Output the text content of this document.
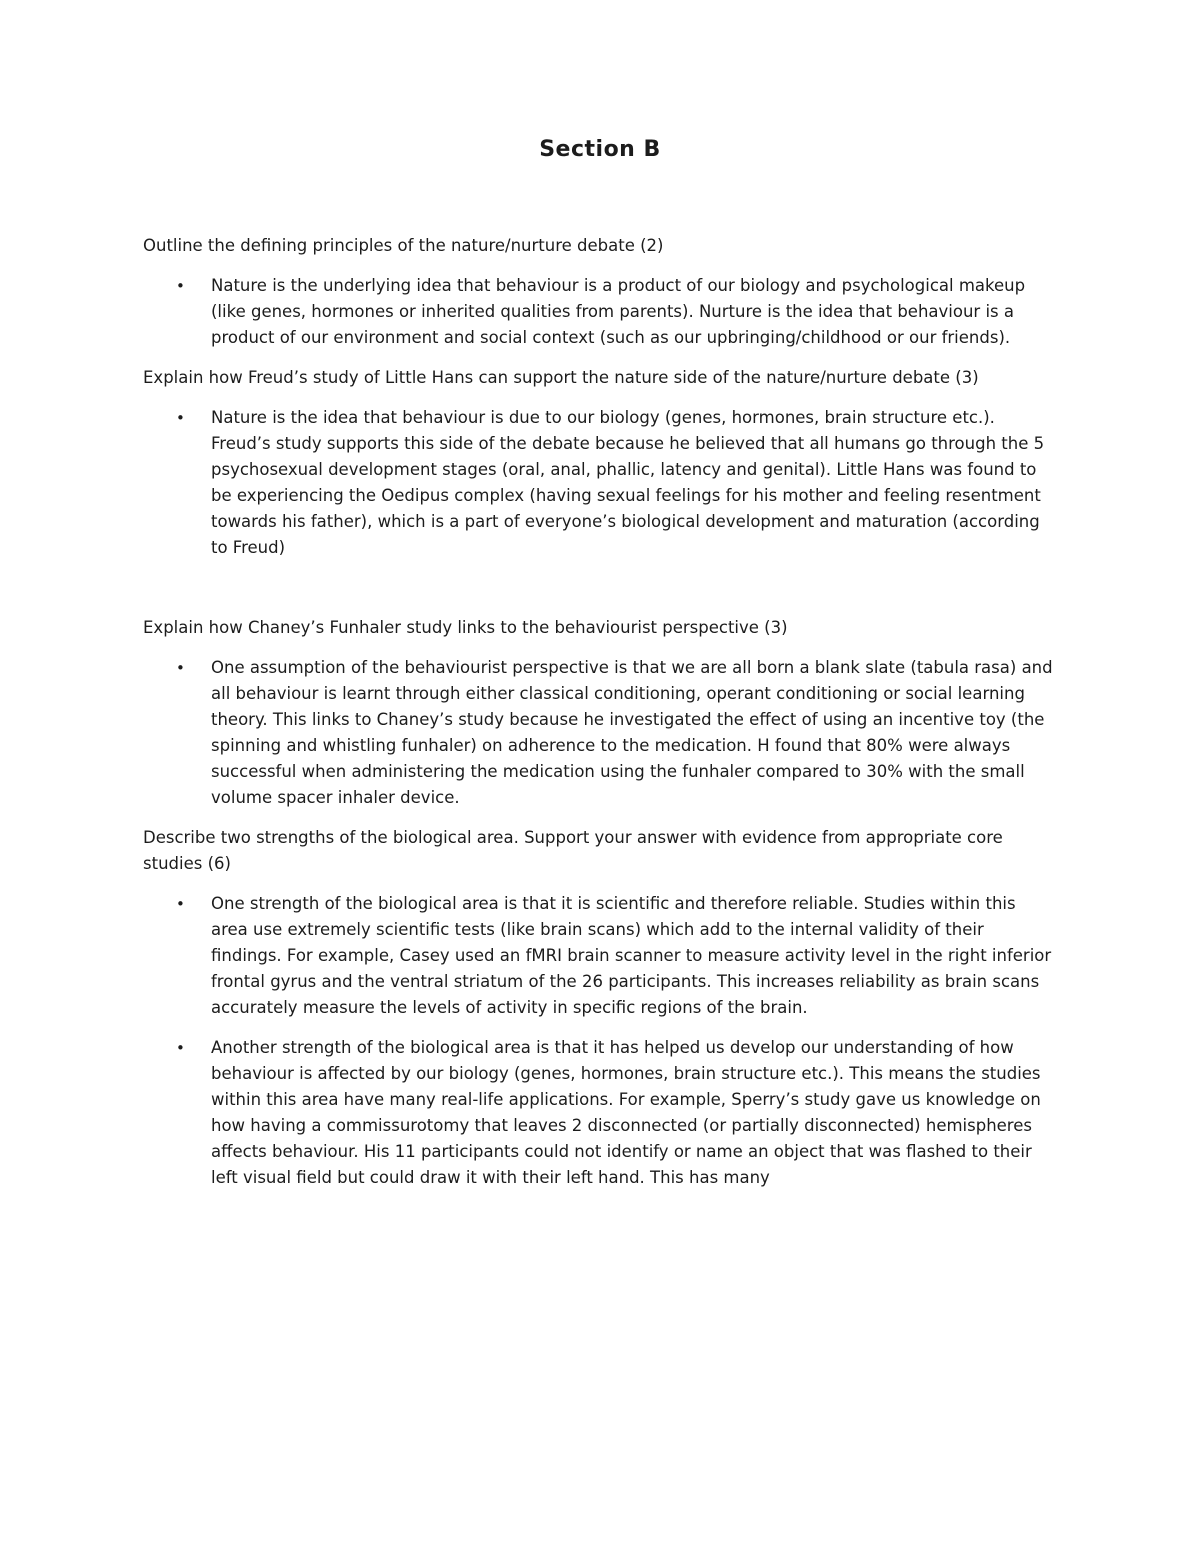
Section B

Outline the defining principles of the nature/nurture debate (2)

•	Nature is the underlying idea that behaviour is a product of our biology and psychological makeup (like genes, hormones or inherited qualities from parents). Nurture is the idea that behaviour is a product of our environment and social context (such as our upbringing/childhood or our friends).

Explain how Freud’s study of Little Hans can support the nature side of the nature/nurture debate (3)

•	Nature is the idea that behaviour is due to our biology (genes, hormones, brain structure etc.). Freud’s study supports this side of the debate because he believed that all humans go through the 5 psychosexual development stages (oral, anal, phallic, latency and genital). Little Hans was found to be experiencing the Oedipus complex (having sexual feelings for his mother and feeling resentment towards his father), which is a part of everyone’s biological development and maturation (according to Freud)

Explain how Chaney’s Funhaler study links to the behaviourist perspective (3)

•	One assumption of the behaviourist perspective is that we are all born a blank slate (tabula rasa) and all behaviour is learnt through either classical conditioning, operant conditioning or social learning theory. This links to Chaney’s study because he investigated the effect of using an incentive toy (the spinning and whistling funhaler) on adherence to the medication. H found that 80% were always successful when administering the medication using the funhaler compared to 30% with the small volume spacer inhaler device.

Describe two strengths of the biological area. Support your answer with evidence from appropriate core studies (6)

•	One strength of the biological area is that it is scientific and therefore reliable. Studies within this area use extremely scientific tests (like brain scans) which add to the internal validity of their findings. For example, Casey used an fMRI brain scanner to measure activity level in the right inferior frontal gyrus and the ventral striatum of the 26 participants. This increases reliability as brain scans accurately measure the levels of activity in specific regions of the brain.
•	Another strength of the biological area is that it has helped us develop our understanding of how behaviour is affected by our biology (genes, hormones, brain structure etc.). This means the studies within this area have many real-life applications. For example, Sperry’s study gave us knowledge on how having a commissurotomy that leaves 2 disconnected (or partially disconnected) hemispheres affects behaviour. His 11 participants could not identify or name an object that was flashed to their left visual field but could draw it with their left hand. This has many
